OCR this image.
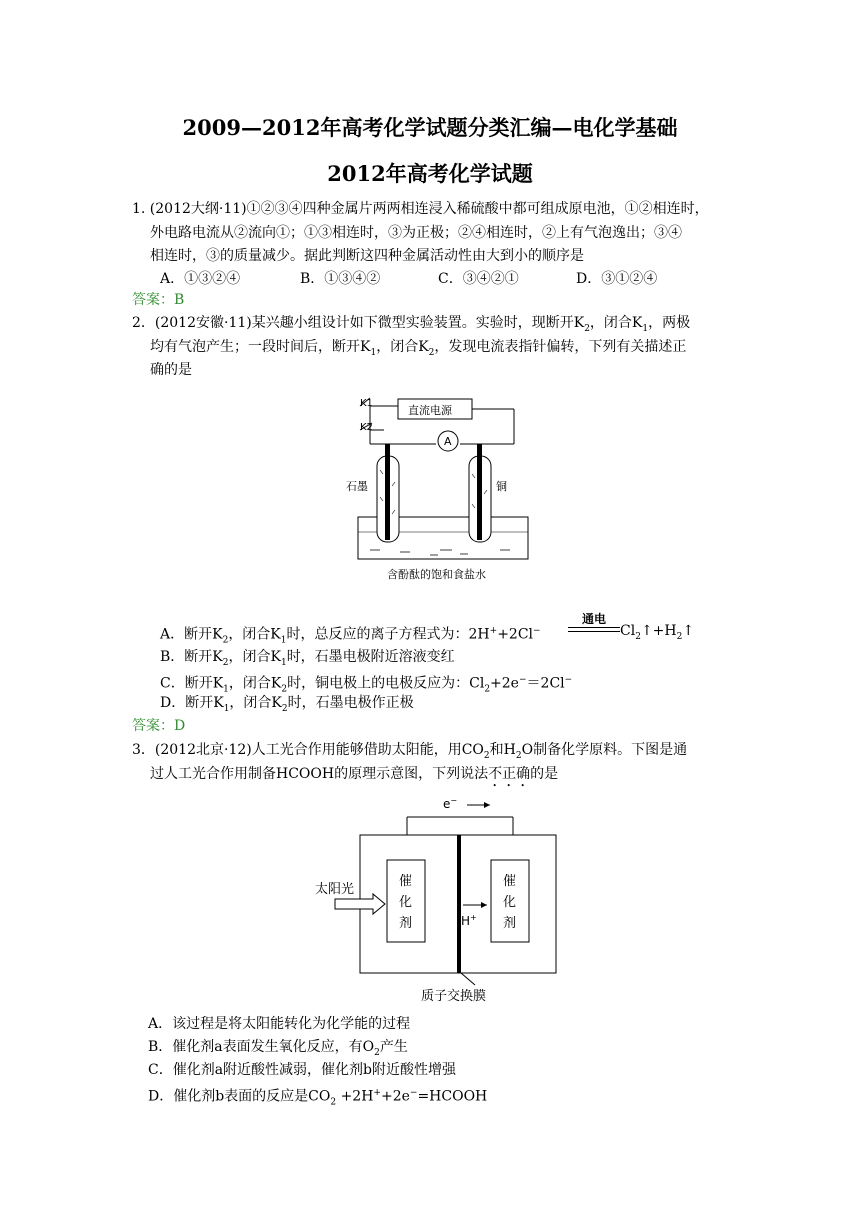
2009—2012年高考化学试题分类汇编—电化学基础
2012年高考化学试题
1. (2012大纲·11)①②③④四种金属片两两相连浸入稀硫酸中都可组成原电池，①②相连时，
外电路电流从②流向①；①③相连时，③为正极；②④相连时，②上有气泡逸出；③④
相连时，③的质量减少。据此判断这四种金属活动性由大到小的顺序是
A．①③②④	B．①③④②	C．③④②①	D．③①②④
答案：B
2．(2012安徽·11)某兴趣小组设计如下微型实验装置。实验时，现断开$K_2$，闭合$K_1$，两极
均有气泡产生；一段时间后，断开$K_1$，闭合$K_2$，发现电流表指针偏转，下列有关描述正
确的是
K1
K2
直流电源
A
石墨	铜
含酚酞的饱和食盐水
A．断开$K_2$，闭合$K_1$时，总反应的离子方程式为：2H++2Cl−
通电
$Cl_2↑+H_2↑$
B．断开$K_2$，闭合$K_1$时，石墨电极附近溶液变红
C．断开$K_1$，闭合$K_2$时，铜电极上的电极反应为：$Cl_2+2e^-=2Cl^-$
D．断开$K_1$，闭合$K_2$时，石墨电极作正极
答案：D
3．(2012北京·12)人工光合作用能够借助太阳能，用$CO_2$和$H_2O$制备化学原料。下图是通
过人工光合作用制备HCOOH的原理示意图，下列说法不正确的是
e−
催
化
剂
催
化
剂
太阳光
H+
质子交换膜
A．该过程是将太阳能转化为化学能的过程
B．催化剂a表面发生氧化反应，有$O_2$产生
C．催化剂a附近酸性减弱，催化剂b附近酸性增强
D．催化剂b表面的反应是$CO_2$ +2H++2e−=HCOOH
